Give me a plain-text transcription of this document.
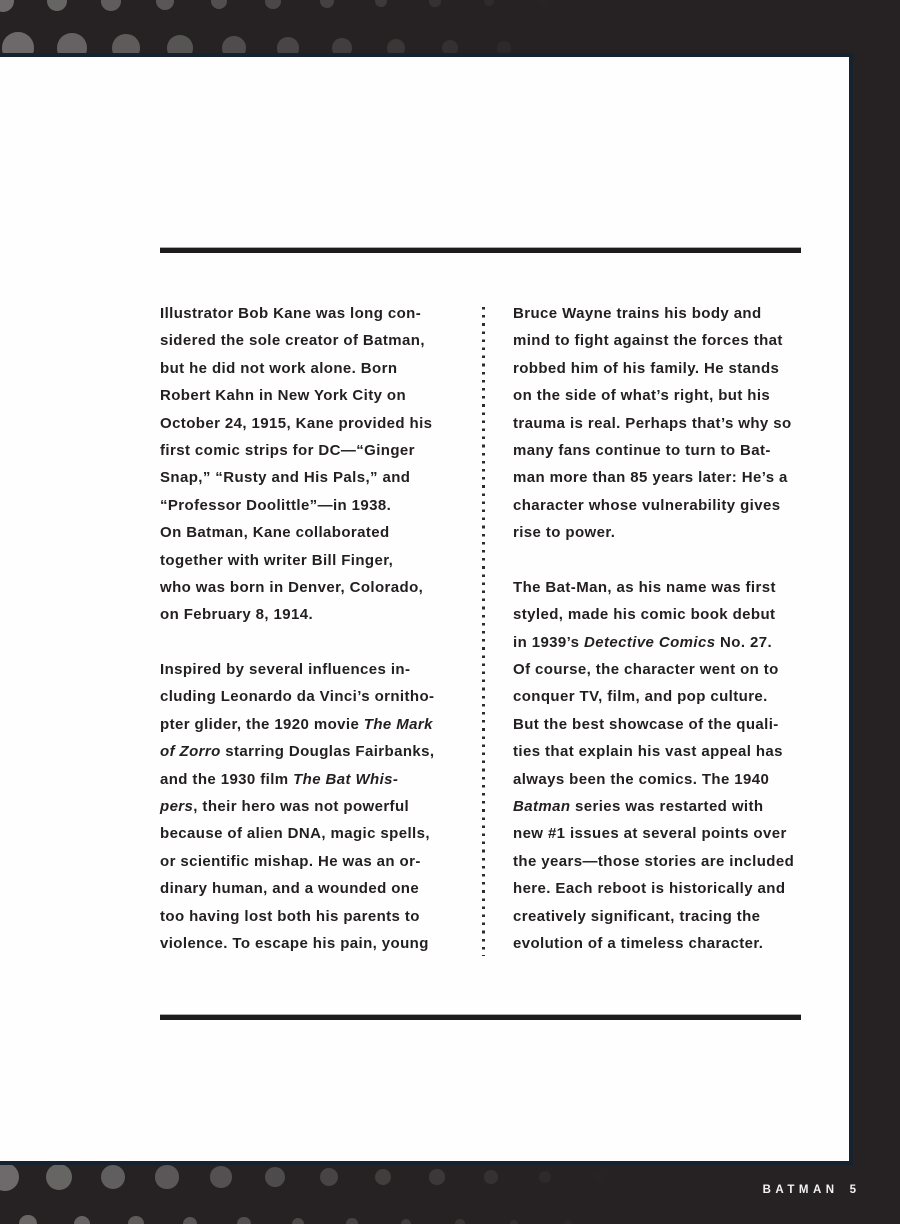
BATMAN 5
Illustrator Bob Kane was long con-
sidered the sole creator of Batman,
but he did not work alone. Born
Robert Kahn in New York City on
October 24, 1915, Kane provided his
first comic strips for DC—“Ginger
Snap,” “Rusty and His Pals,” and
“Professor Doolittle”—in 1938.
On Batman, Kane collaborated
together with writer Bill Finger,
who was born in Denver, Colorado,
on February 8, 1914.
Inspired by several influences in-
cluding Leonardo da Vinci’s ornitho-
pter glider, the 1920 movie The Mark
of Zorro starring Douglas Fairbanks,
and the 1930 film The Bat Whis-
pers, their hero was not powerful
because of alien DNA, magic spells,
or scientific mishap. He was an or-
dinary human, and a wounded one
too having lost both his parents to
violence. To escape his pain, young
Bruce Wayne trains his body and
mind to fight against the forces that
robbed him of his family. He stands
on the side of what’s right, but his
trauma is real. Perhaps that’s why so
many fans continue to turn to Bat-
man more than 85 years later: He’s a
character whose vulnerability gives
rise to power.
The Bat-Man, as his name was first
styled, made his comic book debut
in 1939’s Detective Comics No. 27.
Of course, the character went on to
conquer TV, film, and pop culture.
But the best showcase of the quali-
ties that explain his vast appeal has
always been the comics. The 1940
Batman series was restarted with
new #1 issues at several points over
the years—those stories are included
here. Each reboot is historically and
creatively significant, tracing the
evolution of a timeless character.
